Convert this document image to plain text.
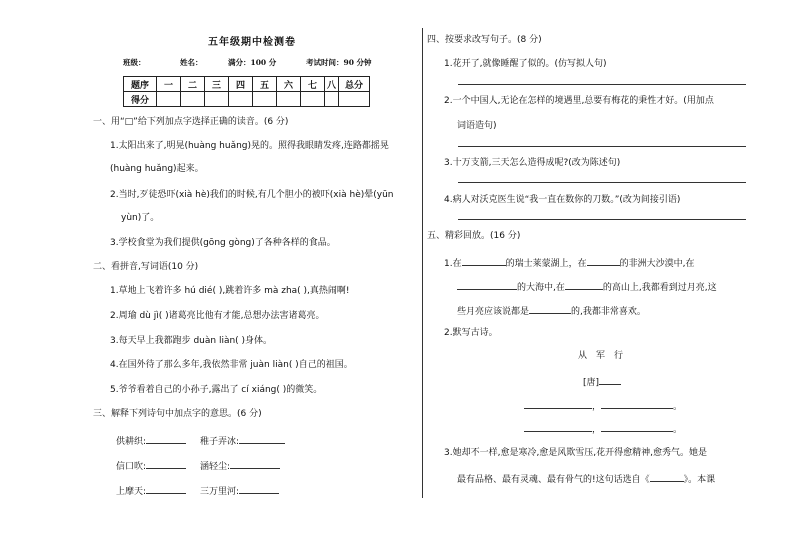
五年级期中检测卷
班级：	姓名：	满分：100 分	考试时间：90 分钟
题序	一	二	三	四	五	六	七	八	总分
得分									
一、用“□”给下列加点字选择正确的读音。(6 分)
1.太阳出来了,明晃(huàng huǎng)晃的。照得我眼睛发疼,连路都摇晃
(huàng huǎng)起来。
2.当时,歹徒恐吓(xià hè)我们的时候,有几个胆小的被吓(xià hè)晕(yūn
yùn)了。
3.学校食堂为我们提供(gōng gòng)了各种各样的食品。
二、看拼音,写词语(10 分)
1.草地上飞着许多 hú dié( ),跳着许多 mà zha( ),真热闹啊!
2.周瑜 dù jì( )诸葛亮比他有才能,总想办法害诸葛亮。
3.每天早上我都跑步 duàn liàn( )身体。
4.在国外待了那么多年,我依然非常 juàn liàn( )自己的祖国。
5.爷爷看着自己的小孙子,露出了 cí xiáng( )的微笑。
三、解释下列诗句中加点字的意思。(6 分)
供耕织:	稚子弄冰:
信口吹:	涵轻尘:
上摩天:	三万里河:
四、按要求改写句子。(8 分)
1.花开了,就像睡醒了似的。(仿写拟人句)
2.一个中国人,无论在怎样的境遇里,总要有梅花的秉性才好。(用加点
词语造句)
3.十万支箭,三天怎么造得成呢?(改为陈述句)
4.病人对沃克医生说“我一直在数你的刀数。”(改为间接引语)
五、精彩回放。(16 分)
1.在	的瑞士莱蒙湖上，在	的非洲大沙漠中,在
的大海中,在	的高山上,我都看到过月亮,这
些月亮应该说都是	的,我都非常喜欢。
2.默写古诗。
从　军　行
[唐]
，	。
，	。
3.她却不一样,愈是寒冷,愈是风欺雪压,花开得愈精神,愈秀气。她是
最有品格、最有灵魂、最有骨气的!这句话选自《	》。本课
